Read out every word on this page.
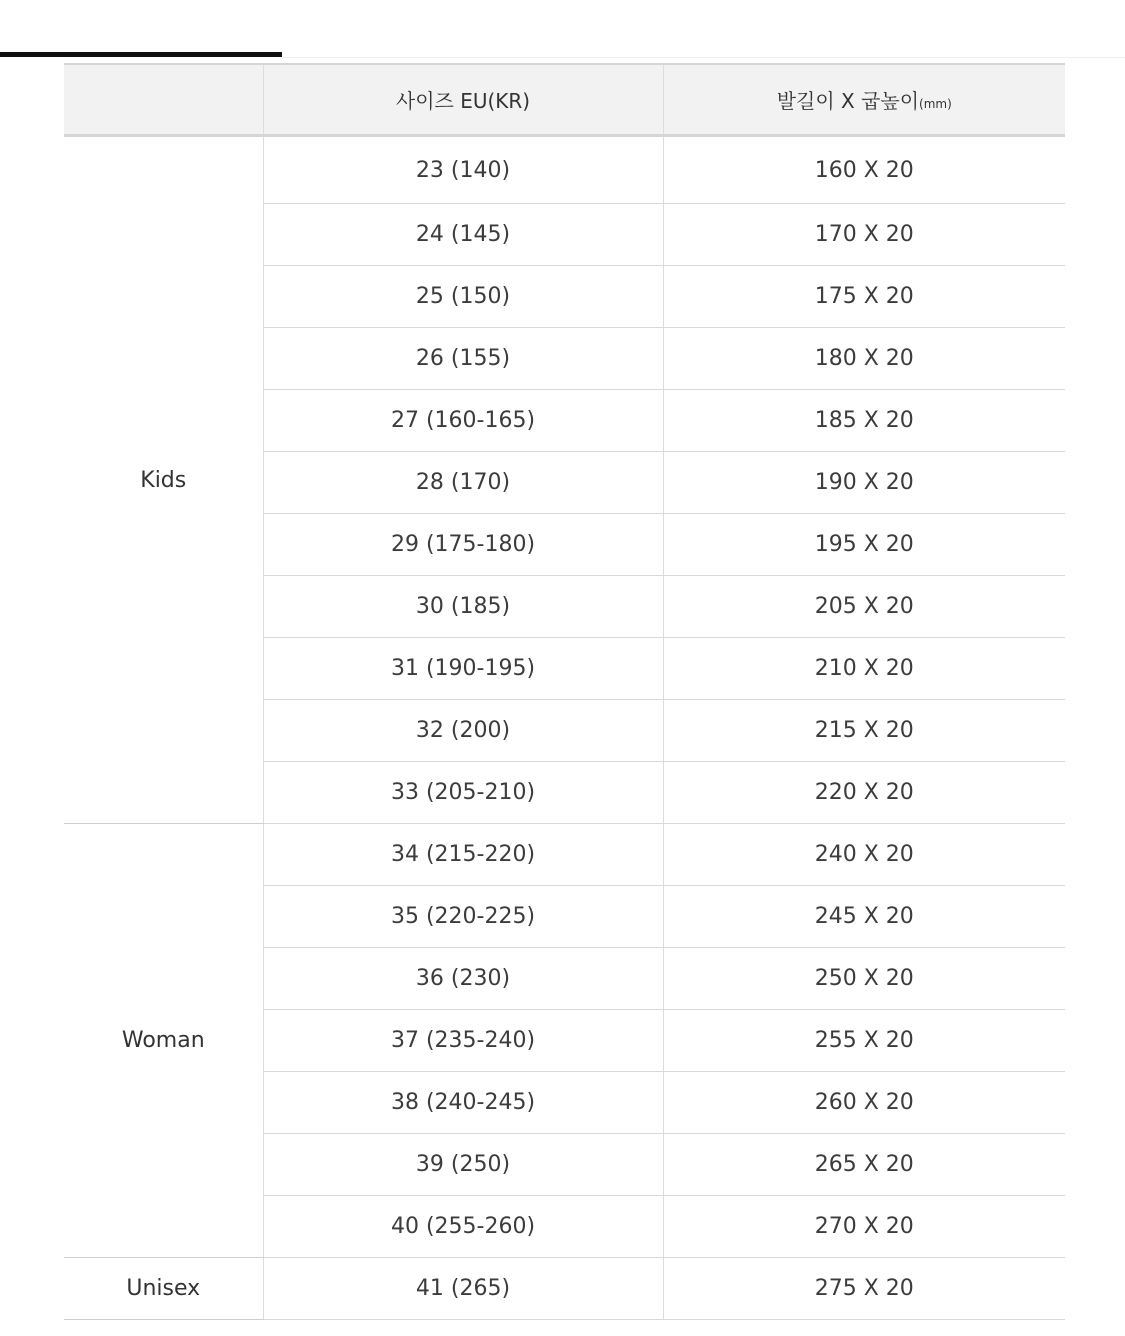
	사이즈 EU(KR)	발길이 X 굽높이(mm)
Kids	23 (140)	160 X 20
	24 (145)	170 X 20
	25 (150)	175 X 20
	26 (155)	180 X 20
	27 (160-165)	185 X 20
	28 (170)	190 X 20
	29 (175-180)	195 X 20
	30 (185)	205 X 20
	31 (190-195)	210 X 20
	32 (200)	215 X 20
	33 (205-210)	220 X 20
Woman	34 (215-220)	240 X 20
	35 (220-225)	245 X 20
	36 (230)	250 X 20
	37 (235-240)	255 X 20
	38 (240-245)	260 X 20
	39 (250)	265 X 20
	40 (255-260)	270 X 20
Unisex	41 (265)	275 X 20
